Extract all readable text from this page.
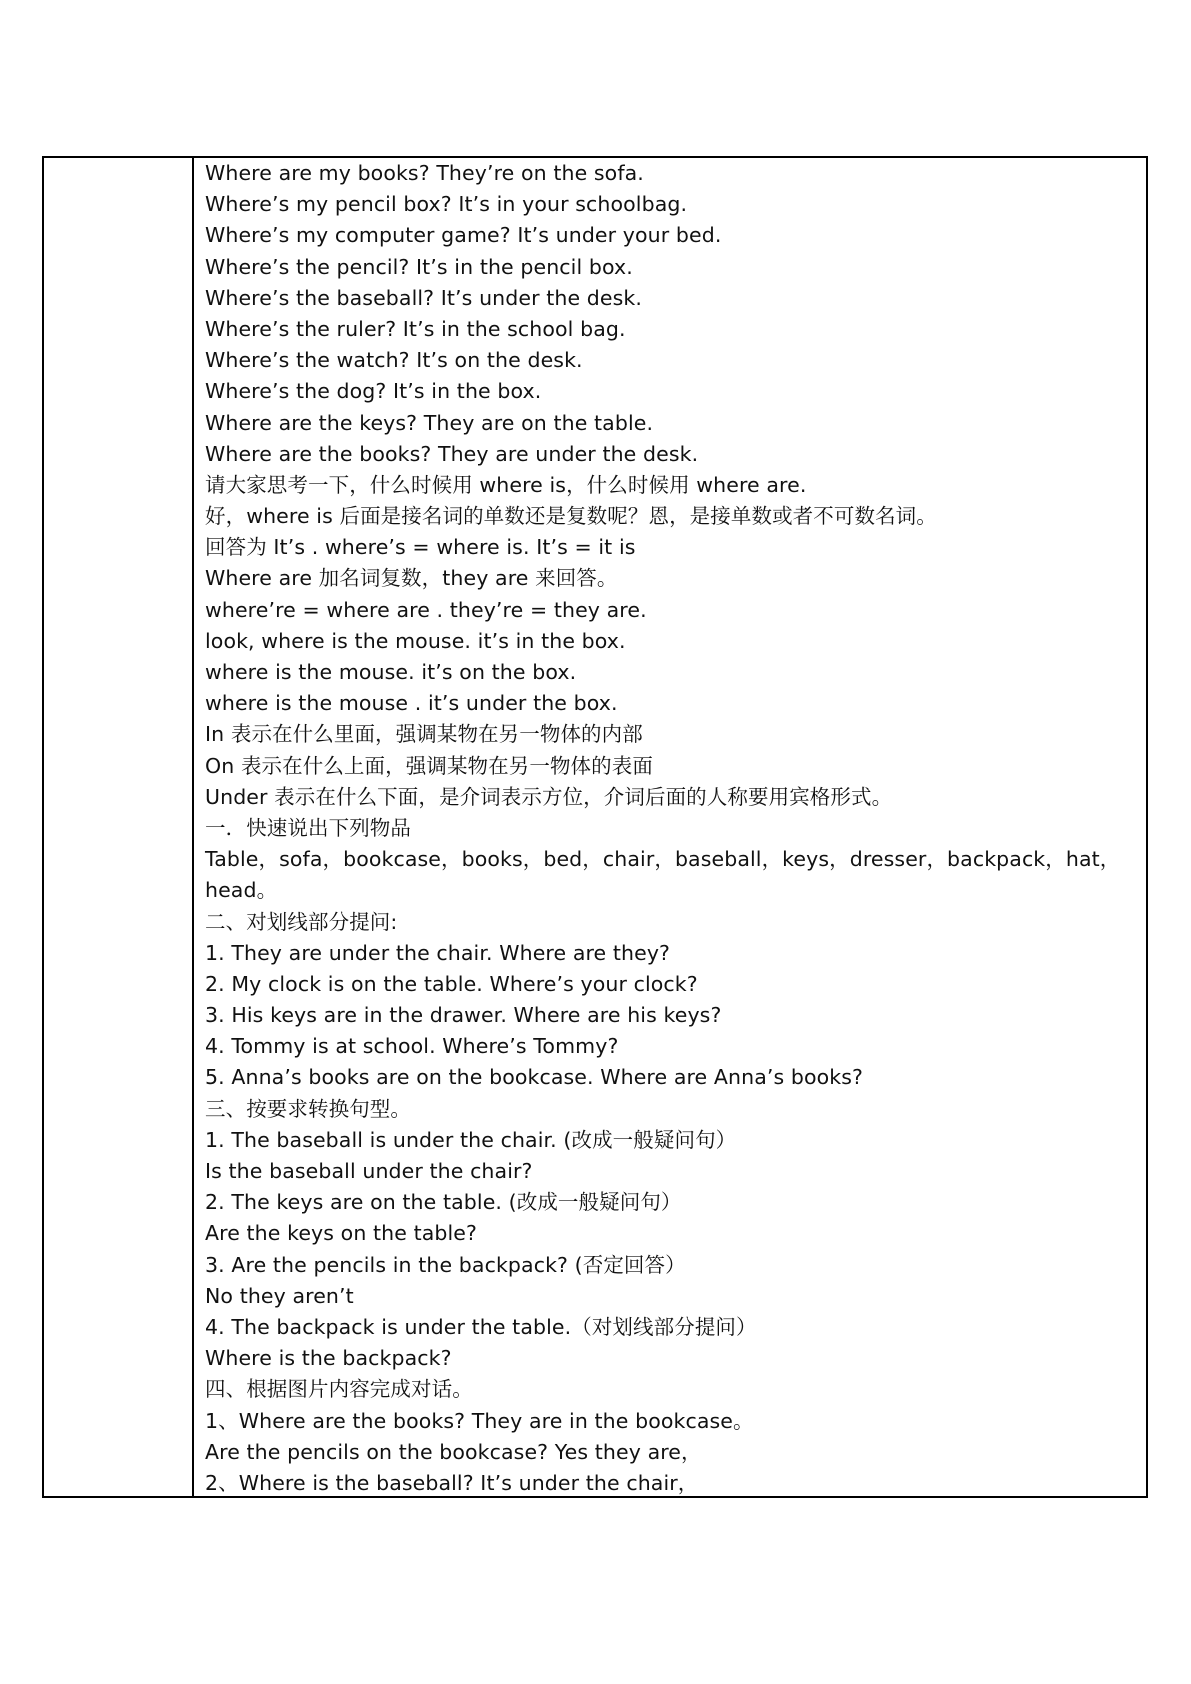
Where are my books? They’re on the sofa.
Where’s my pencil box? It’s in your schoolbag.
Where’s my computer game? It’s under your bed.
Where’s the pencil? It’s in the pencil box.
Where’s the baseball? It’s under the desk.
Where’s the ruler? It’s in the school bag.
Where’s the watch? It’s on the desk.
Where’s the dog? It’s in the box.
Where are the keys? They are on the table.
Where are the books? They are under the desk.
请大家思考一下，什么时候用 where is，什么时候用 where are.
好，where is 后面是接名词的单数还是复数呢？恩，是接单数或者不可数名词。
回答为 It’s . where’s = where is. It’s = it is
Where are 加名词复数，they are 来回答。
where’re = where are . they’re = they are.
look, where is the mouse. it’s in the box.
where is the mouse. it’s on the box.
where is the mouse . it’s under the box.
In 表示在什么里面，强调某物在另一物体的内部
On 表示在什么上面，强调某物在另一物体的表面
Under 表示在什么下面，是介词表示方位，介词后面的人称要用宾格形式。
一．快速说出下列物品
Table，sofa，bookcase，books，bed，chair，baseball，keys，dresser，backpack，hat，
head。
二、对划线部分提问:
1. They are under the chair. Where are they?
2. My clock is on the table. Where’s your clock?
3. His keys are in the drawer. Where are his keys?
4. Tommy is at school. Where’s Tommy?
5. Anna’s books are on the bookcase. Where are Anna’s books?
三、按要求转换句型。
1. The baseball is under the chair. (改成一般疑问句）
Is the baseball under the chair?
2. The keys are on the table. (改成一般疑问句）
Are the keys on the table?
3. Are the pencils in the backpack? (否定回答）
No they aren’t
4. The backpack is under the table.（对划线部分提问）
Where is the backpack?
四、根据图片内容完成对话。
1、Where are the books? They are in the bookcase。
Are the pencils on the bookcase? Yes they are，
2、Where is the baseball? It’s under the chair，
